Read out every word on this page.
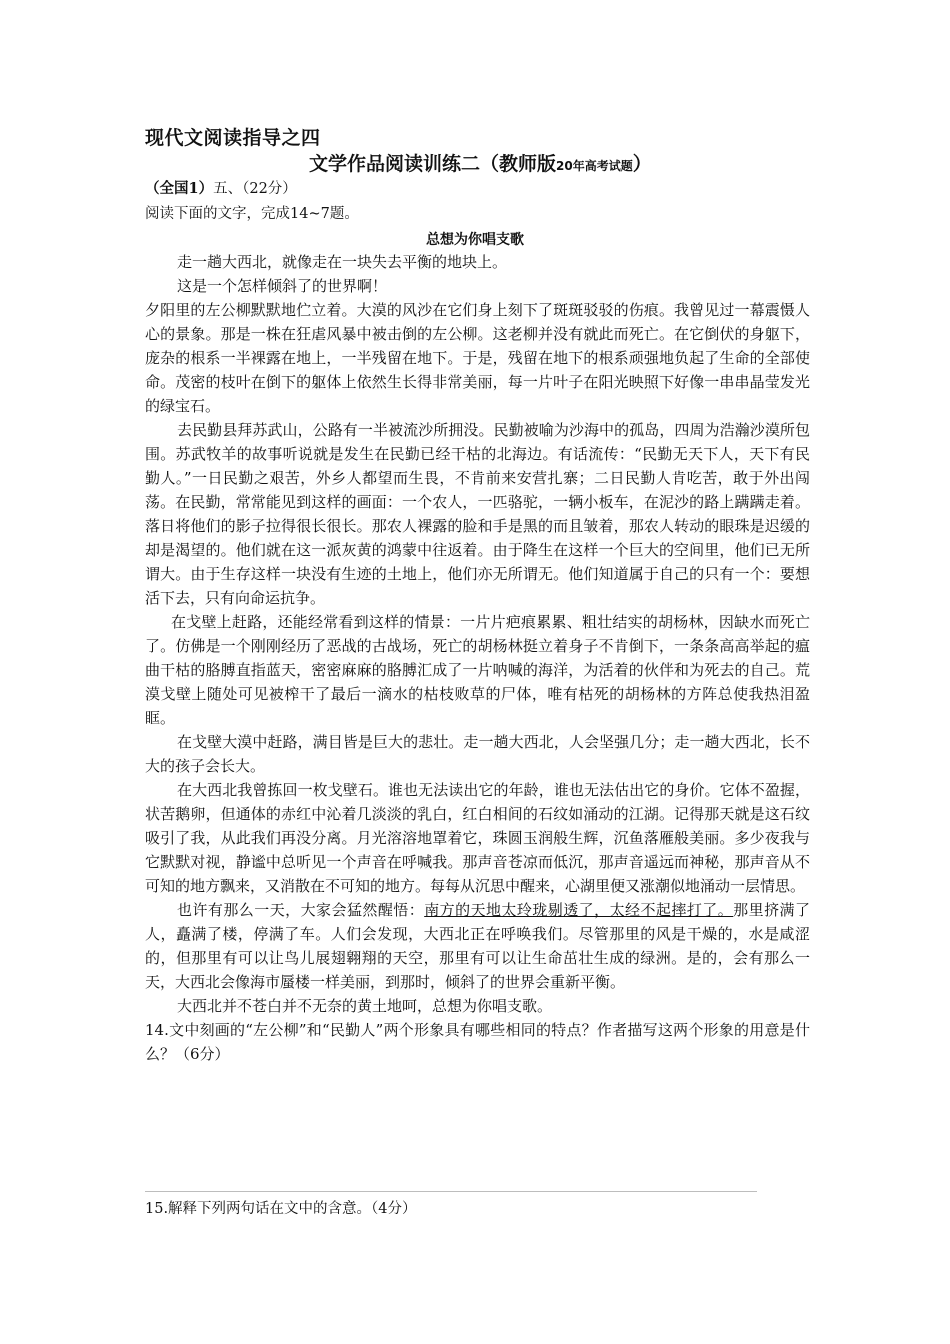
现代文阅读指导之四
文学作品阅读训练二（教师版20年高考试题）
（全国1）五、（22分）
阅读下面的文字，完成14~7题。
总想为你唱支歌

走一趟大西北，就像走在一块失去平衡的地块上。

这是一个怎样倾斜了的世界啊！

夕阳里的左公柳默默地伫立着。大漠的风沙在它们身上刻下了斑斑驳驳的伤痕。我曾见过一幕震慑人心的景象。那是一株在狂虐风暴中被击倒的左公柳。这老柳并没有就此而死亡。在它倒伏的身躯下，庞杂的根系一半裸露在地上，一半残留在地下。于是，残留在地下的根系顽强地负起了生命的全部使命。茂密的枝叶在倒下的躯体上依然生长得非常美丽，每一片叶子在阳光映照下好像一串串晶莹发光的绿宝石。

去民勤县拜苏武山，公路有一半被流沙所拥没。民勤被喻为沙海中的孤岛，四周为浩瀚沙漠所包围。苏武牧羊的故事听说就是发生在民勤已经干枯的北海边。有话流传：“民勤无天下人，天下有民勤人。”一日民勤之艰苦，外乡人都望而生畏，不肯前来安营扎寨；二日民勤人肯吃苦，敢于外出闯荡。在民勤，常常能见到这样的画面：一个农人，一匹骆驼，一辆小板车，在泥沙的路上蹒蹒走着。落日将他们的影子拉得很长很长。那农人裸露的脸和手是黑的而且皱着，那农人转动的眼珠是迟缓的却是渴望的。他们就在这一派灰黄的鸿蒙中往返着。由于降生在这样一个巨大的空间里，他们已无所谓大。由于生存这样一块没有生迹的土地上，他们亦无所谓无。他们知道属于自己的只有一个：要想活下去，只有向命运抗争。

在戈壁上赶路，还能经常看到这样的情景：一片片疤痕累累、粗壮结实的胡杨林，因缺水而死亡了。仿佛是一个刚刚经历了恶战的古战场，死亡的胡杨林挺立着身子不肯倒下，一条条高高举起的瘟曲干枯的胳膊直指蓝天，密密麻麻的胳膊汇成了一片呐喊的海洋，为活着的伙伴和为死去的自己。荒漠戈壁上随处可见被榨干了最后一滴水的枯枝败草的尸体，唯有枯死的胡杨林的方阵总使我热泪盈眶。

在戈壁大漠中赶路，满目皆是巨大的悲壮。走一趟大西北，人会坚强几分；走一趟大西北，长不大的孩子会长大。

在大西北我曾拣回一枚戈壁石。谁也无法读出它的年龄，谁也无法估出它的身价。它体不盈握，状苦鹅卵，但通体的赤红中沁着几淡淡的乳白，红白相间的石纹如涌动的江湖。记得那天就是这石纹吸引了我，从此我们再没分离。月光溶溶地罩着它，珠圆玉润般生辉，沉鱼落雁般美丽。多少夜我与它默默对视，静谧中总听见一个声音在呼喊我。那声音苍凉而低沉，那声音遥远而神秘，那声音从不可知的地方飘来，又消散在不可知的地方。每每从沉思中醒来，心湖里便又涨潮似地涌动一层情思。

也许有那么一天，大家会猛然醒悟：南方的天地太玲珑剔透了，太经不起摔打了。那里挤满了人，矗满了楼，停满了车。人们会发现，大西北正在呼唤我们。尽管那里的风是干燥的，水是咸涩的，但那里有可以让鸟儿展翅翱翔的天空，那里有可以让生命茁壮生成的绿洲。是的，会有那么一天，大西北会像海市蜃楼一样美丽，到那时，倾斜了的世界会重新平衡。

大西北并不苍白并不无奈的黄土地呵，总想为你唱支歌。

14.文中刻画的“左公柳”和“民勤人”两个形象具有哪些相同的特点？作者描写这两个形象的用意是什么？（6分）

15.解释下列两句话在文中的含意。（4分）
